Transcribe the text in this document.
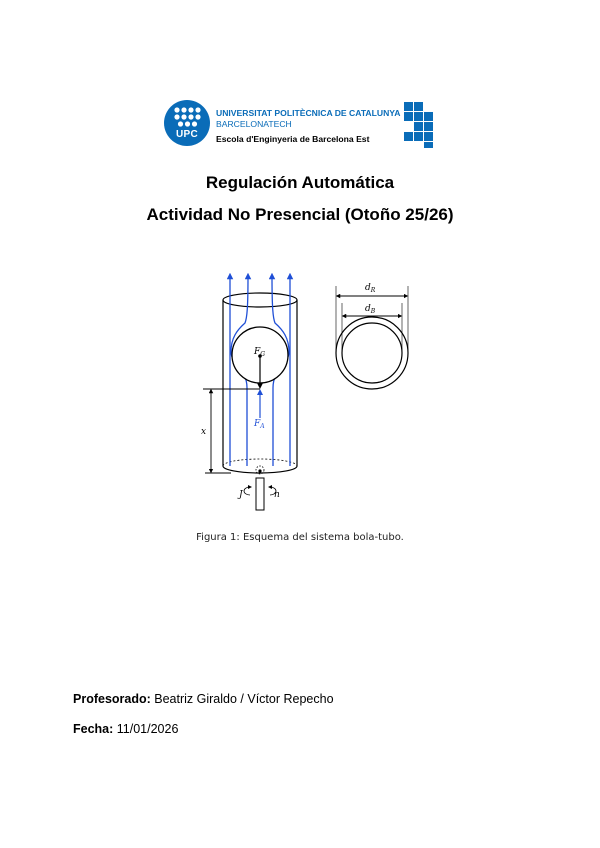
UPC
UNIVERSITAT POLITÈCNICA DE CATALUNYA
BARCELONATECH
Escola d'Enginyeria de Barcelona Est
Regulación Automática
Actividad No Presencial (Otoño 25/26)
$F_G$
$F_A$
x
J	n
$d_R$
$d_B$
Figura 1: Esquema del sistema bola-tubo.
Profesorado: Beatriz Giraldo / Víctor Repecho
Fecha: 11/01/2026
